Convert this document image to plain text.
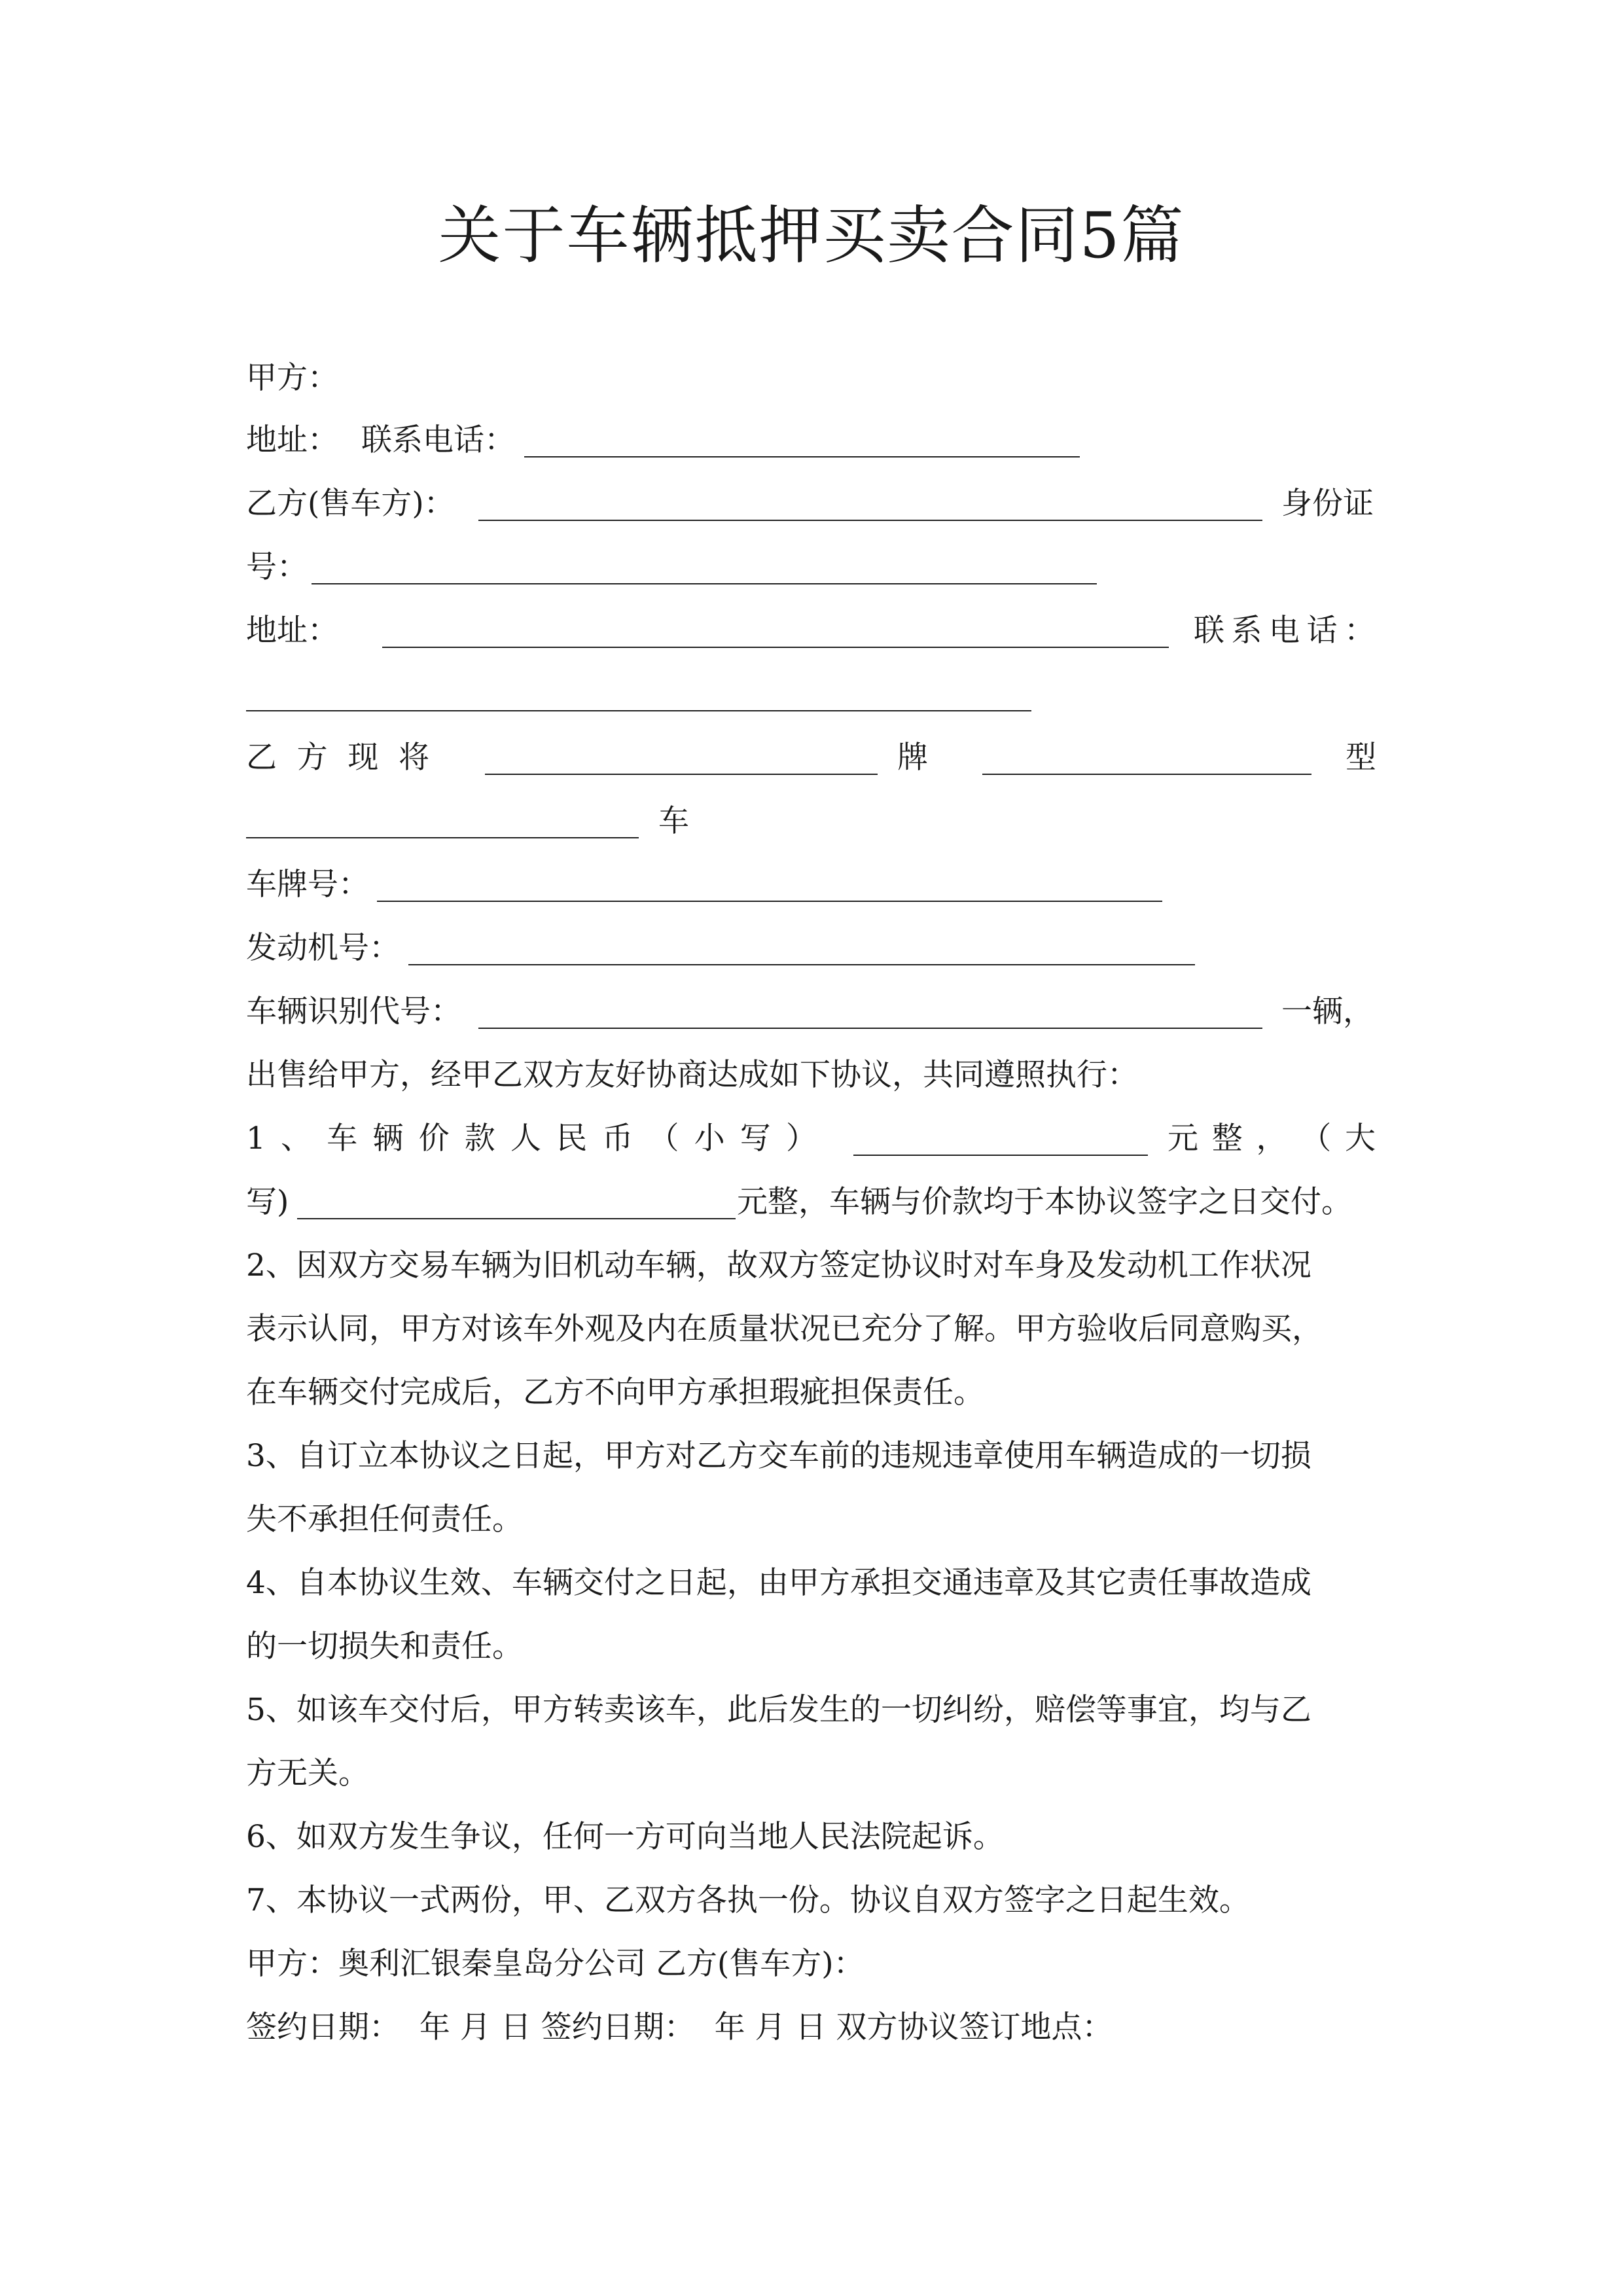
关于车辆抵押买卖合同5篇
甲方：
地址： 联系电话：
乙方(售车方)：	身份证
号：
地 址 ：	联 系 电 话 ：
乙 方 现 将	牌	型
车
车牌号：
发动机号：
车辆识别代号：	一辆，
出售给甲方，经甲乙双方友好协商达成如下协议，共同遵照执行：
1 、 车 辆 价 款 人 民 币 （ 小 写 ）	元 整 ， （ 大
写)	元整，车辆与价款均于本协议签字之日交付。
2、因双方交易车辆为旧机动车辆，故双方签定协议时对车身及发动机工作状况
表示认同，甲方对该车外观及内在质量状况已充分了解。甲方验收后同意购买，
在车辆交付完成后，乙方不向甲方承担瑕疵担保责任。
3、自订立本协议之日起，甲方对乙方交车前的违规违章使用车辆造成的一切损
失不承担任何责任。
4、自本协议生效、车辆交付之日起，由甲方承担交通违章及其它责任事故造成
的一切损失和责任。
5、如该车交付后，甲方转卖该车，此后发生的一切纠纷，赔偿等事宜，均与乙
方无关。
6、如双方发生争议，任何一方可向当地人民法院起诉。
7、本协议一式两份，甲、乙双方各执一份。协议自双方签字之日起生效。
甲方：奥利汇银秦皇岛分公司 乙方(售车方)：
签约日期：  年 月 日 签约日期：  年 月 日 双方协议签订地点：
